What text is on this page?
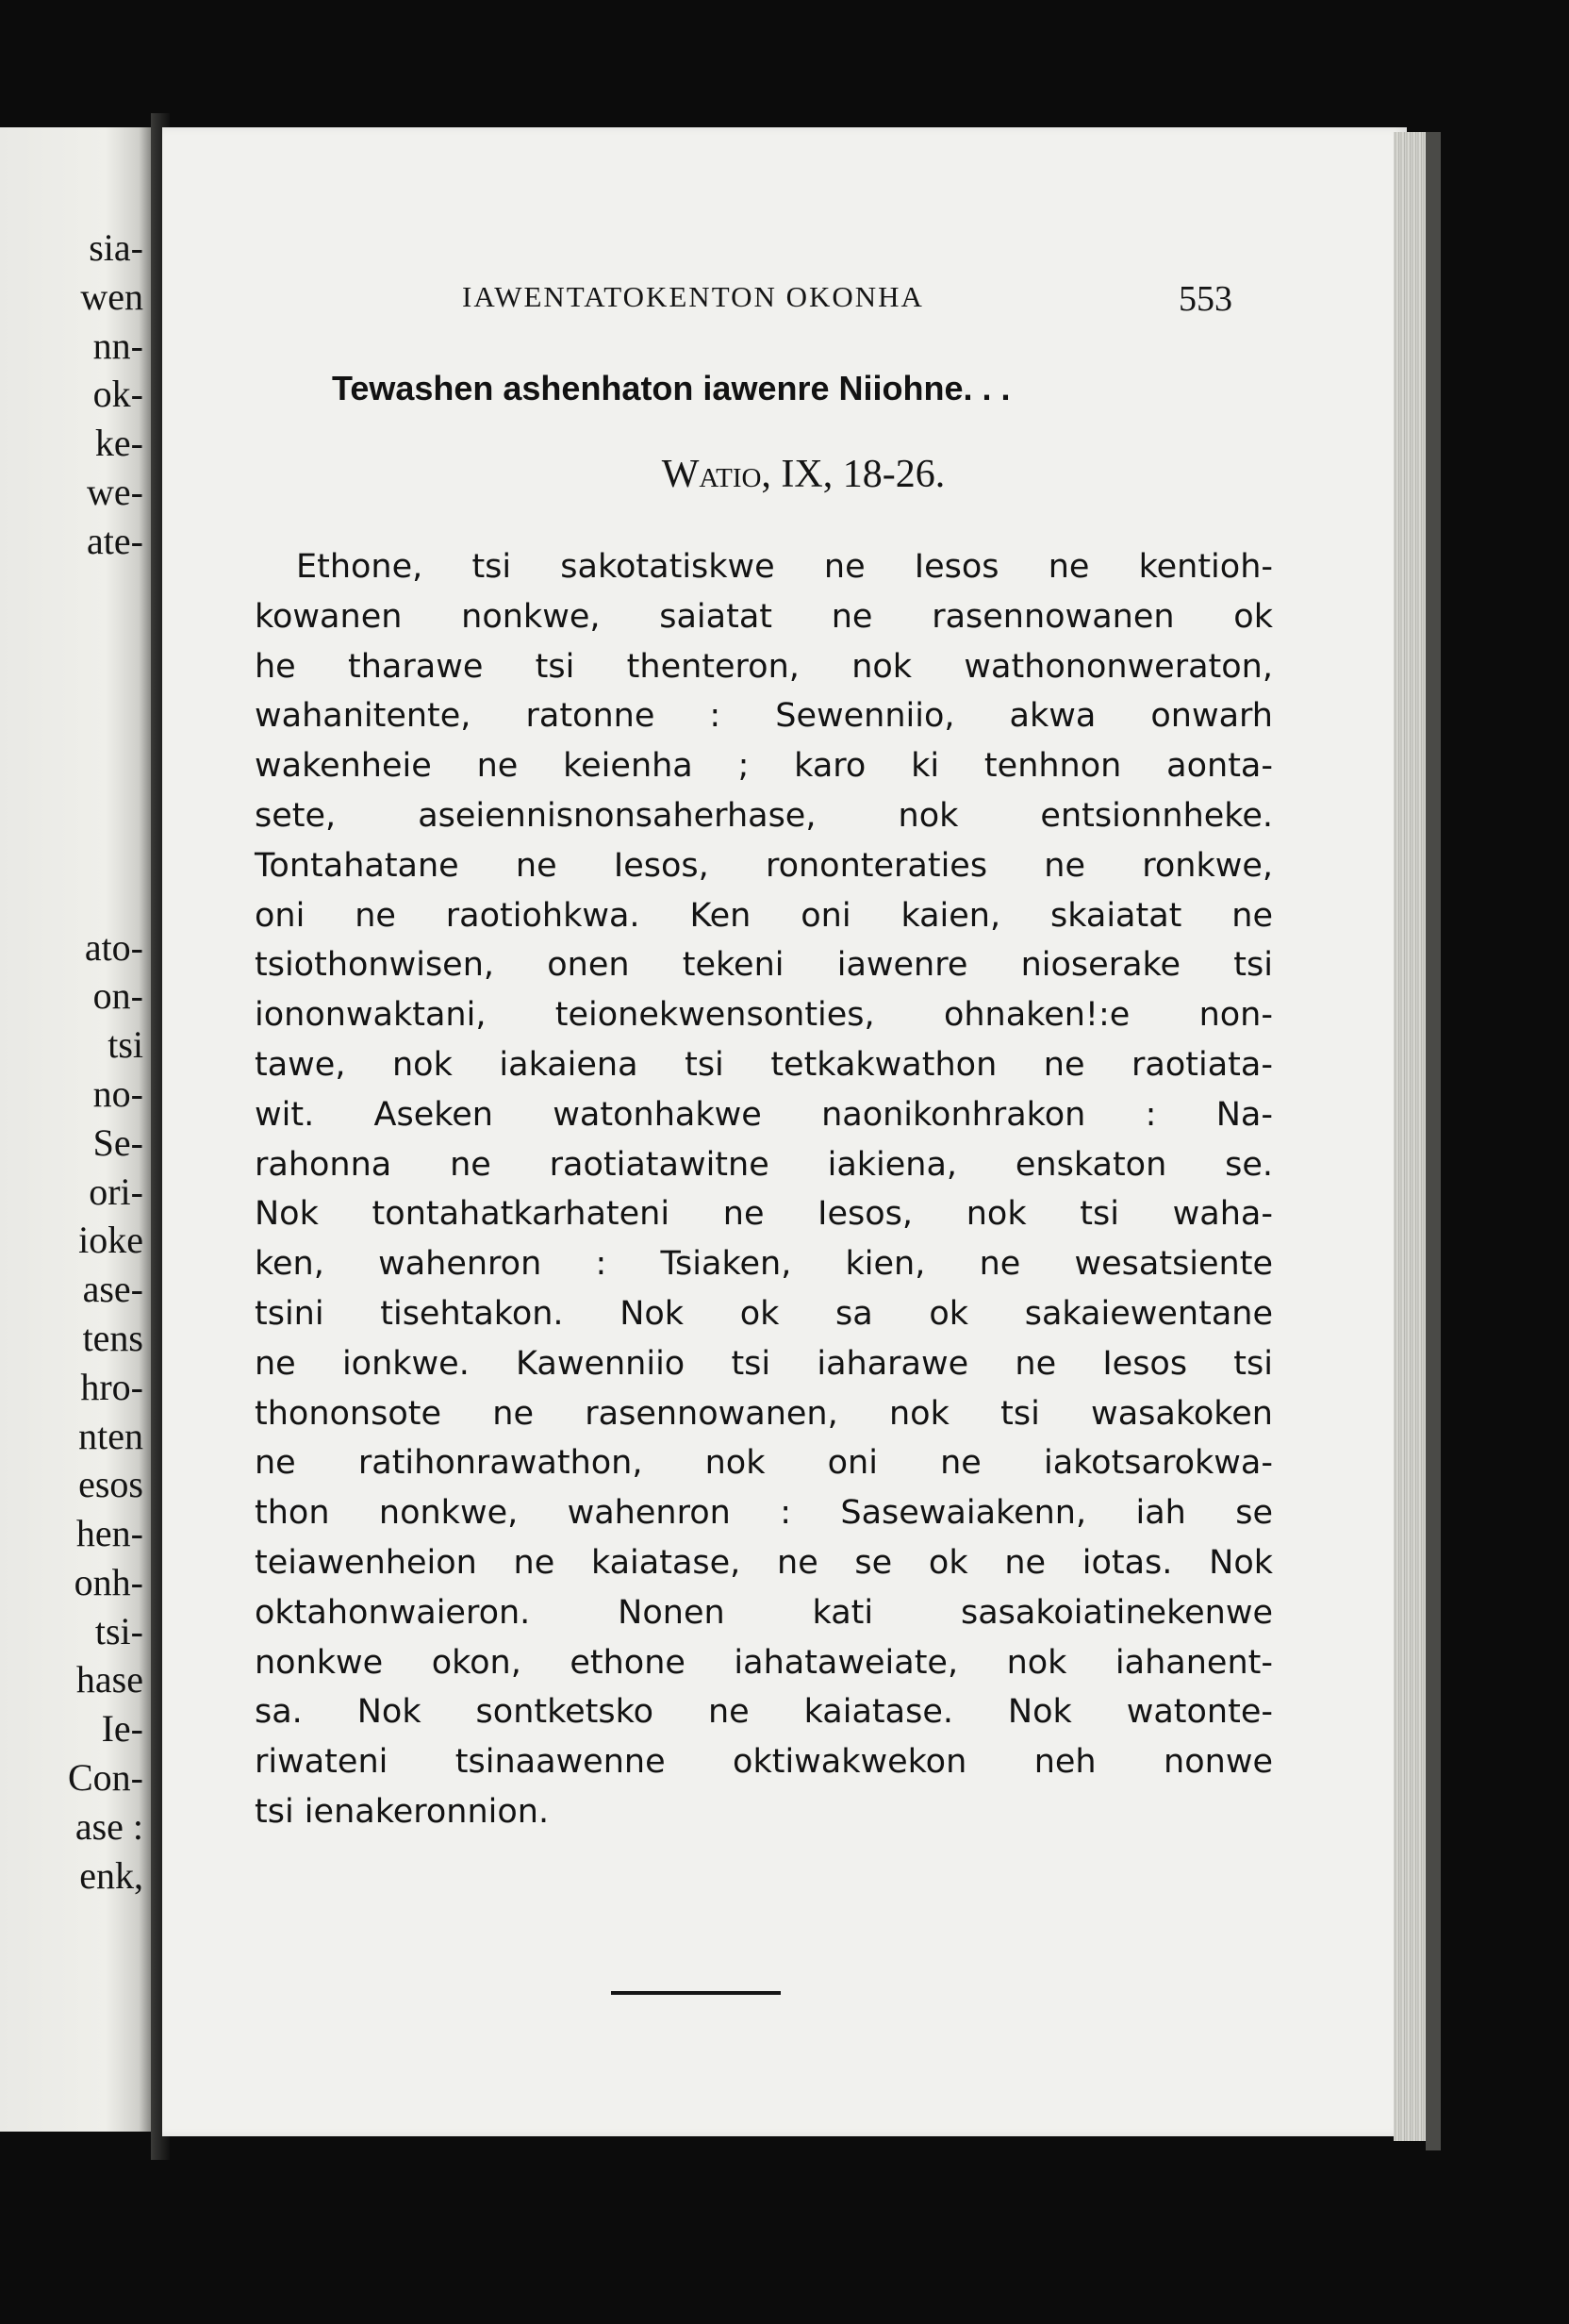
sia-
wen
nn-
ok-
ke-
we-
ate-
ato-
on-
tsi
no-
Se-
ori-
ioke
ase-
tens
hro-
nten
esos
hen-
onh-
tsi-
hase
Ie-
Con-
ase :
enk,
IAWENTATOKENTON OKONHA	553
Tewashen ashenhaton iawenre Niiohne. . .
Watio, IX, 18-26.
Ethone, tsi sakotatiskwe ne Iesos ne kentioh-
kowanen nonkwe, saiatat ne rasennowanen ok
he tharawe tsi thenteron, nok wathononweraton,
wahanitente, ratonne : Sewenniio, akwa onwarh
wakenheie ne keienha ; karo ki tenhnon aonta-
sete, aseiennisnonsaherhase, nok entsionnheke.
Tontahatane ne Iesos, rononteraties ne ronkwe,
oni ne raotiohkwa. Ken oni kaien, skaiatat ne
tsiothonwisen, onen tekeni iawenre nioserake tsi
iononwaktani, teionekwensonties, ohnaken!:e non-
tawe, nok iakaiena tsi tetkakwathon ne raotiata-
wit. Aseken watonhakwe naonikonhrakon : Na-
rahonna ne raotiatawitne iakiena, enskaton se.
Nok tontahatkarhateni ne Iesos, nok tsi waha-
ken, wahenron : Tsiaken, kien, ne wesatsiente
tsini tisehtakon. Nok ok sa ok sakaiewentane
ne ionkwe. Kawenniio tsi iaharawe ne Iesos tsi
thononsote ne rasennowanen, nok tsi wasakoken
ne ratihonrawathon, nok oni ne iakotsarokwa-
thon nonkwe, wahenron : Sasewaiakenn, iah se
teiawenheion ne kaiatase, ne se ok ne iotas. Nok
oktahonwaieron. Nonen kati sasakoiatinekenwe
nonkwe okon, ethone iahataweiate, nok iahanent-
sa. Nok sontketsko ne kaiatase. Nok watonte-
riwateni tsinaawenne oktiwakwekon neh nonwe
tsi ienakeronnion.
